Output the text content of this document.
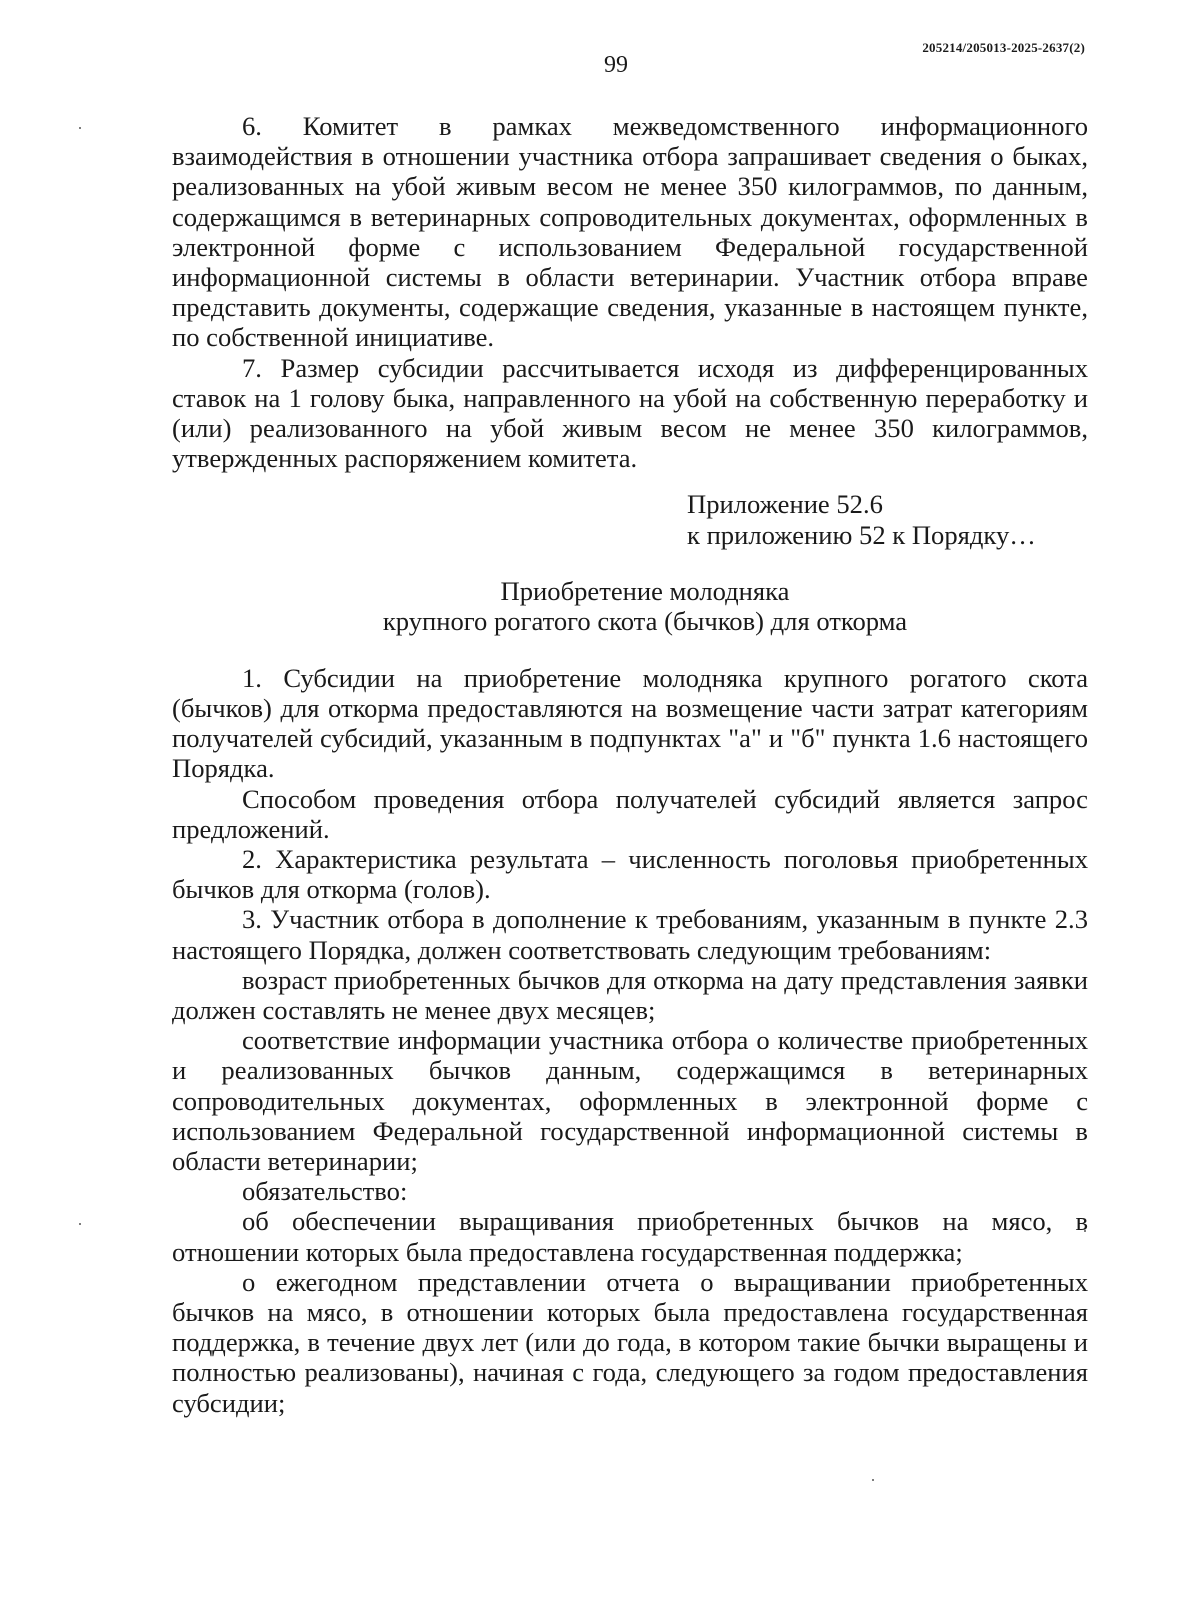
205214/205013-2025-2637(2)
99

6. Комитет в рамках межведомственного информационного взаимодействия в отношении участника отбора запрашивает сведения о быках, реализованных на убой живым весом не менее 350 килограммов, по данным, содержащимся в ветеринарных сопроводительных документах, оформленных в электронной форме с использованием Федеральной государственной информационной системы в области ветеринарии. Участник отбора вправе представить документы, содержащие сведения, указанные в настоящем пункте, по собственной инициативе.

7. Размер субсидии рассчитывается исходя из дифференцированных ставок на 1 голову быка, направленного на убой на собственную переработку и (или) реализованного на убой живым весом не менее 350 килограммов, утвержденных распоряжением комитета.

Приложение 52.6
к приложению 52 к Порядку…
Приобретение молодняка
крупного рогатого скота (бычков) для откорма

1. Субсидии на приобретение молодняка крупного рогатого скота (бычков) для откорма предоставляются на возмещение части затрат категориям получателей субсидий, указанным в подпунктах "а" и "б" пункта 1.6 настоящего Порядка.

Способом проведения отбора получателей субсидий является запрос предложений.

2. Характеристика результата – численность поголовья приобретенных бычков для откорма (голов).

3. Участник отбора в дополнение к требованиям, указанным в пункте 2.3 настоящего Порядка, должен соответствовать следующим требованиям:

возраст приобретенных бычков для откорма на дату представления заявки должен составлять не менее двух месяцев;

соответствие информации участника отбора о количестве приобретенных и реализованных бычков данным, содержащимся в ветеринарных сопроводительных документах, оформленных в электронной форме с использованием Федеральной государственной информационной системы в области ветеринарии;

обязательство:

об обеспечении выращивания приобретенных бычков на мясо, в отношении которых была предоставлена государственная поддержка;

о ежегодном представлении отчета о выращивании приобретенных бычков на мясо, в отношении которых была предоставлена государственная поддержка, в течение двух лет (или до года, в котором такие бычки выращены и полностью реализованы), начиная с года, следующего за годом предоставления субсидии;
